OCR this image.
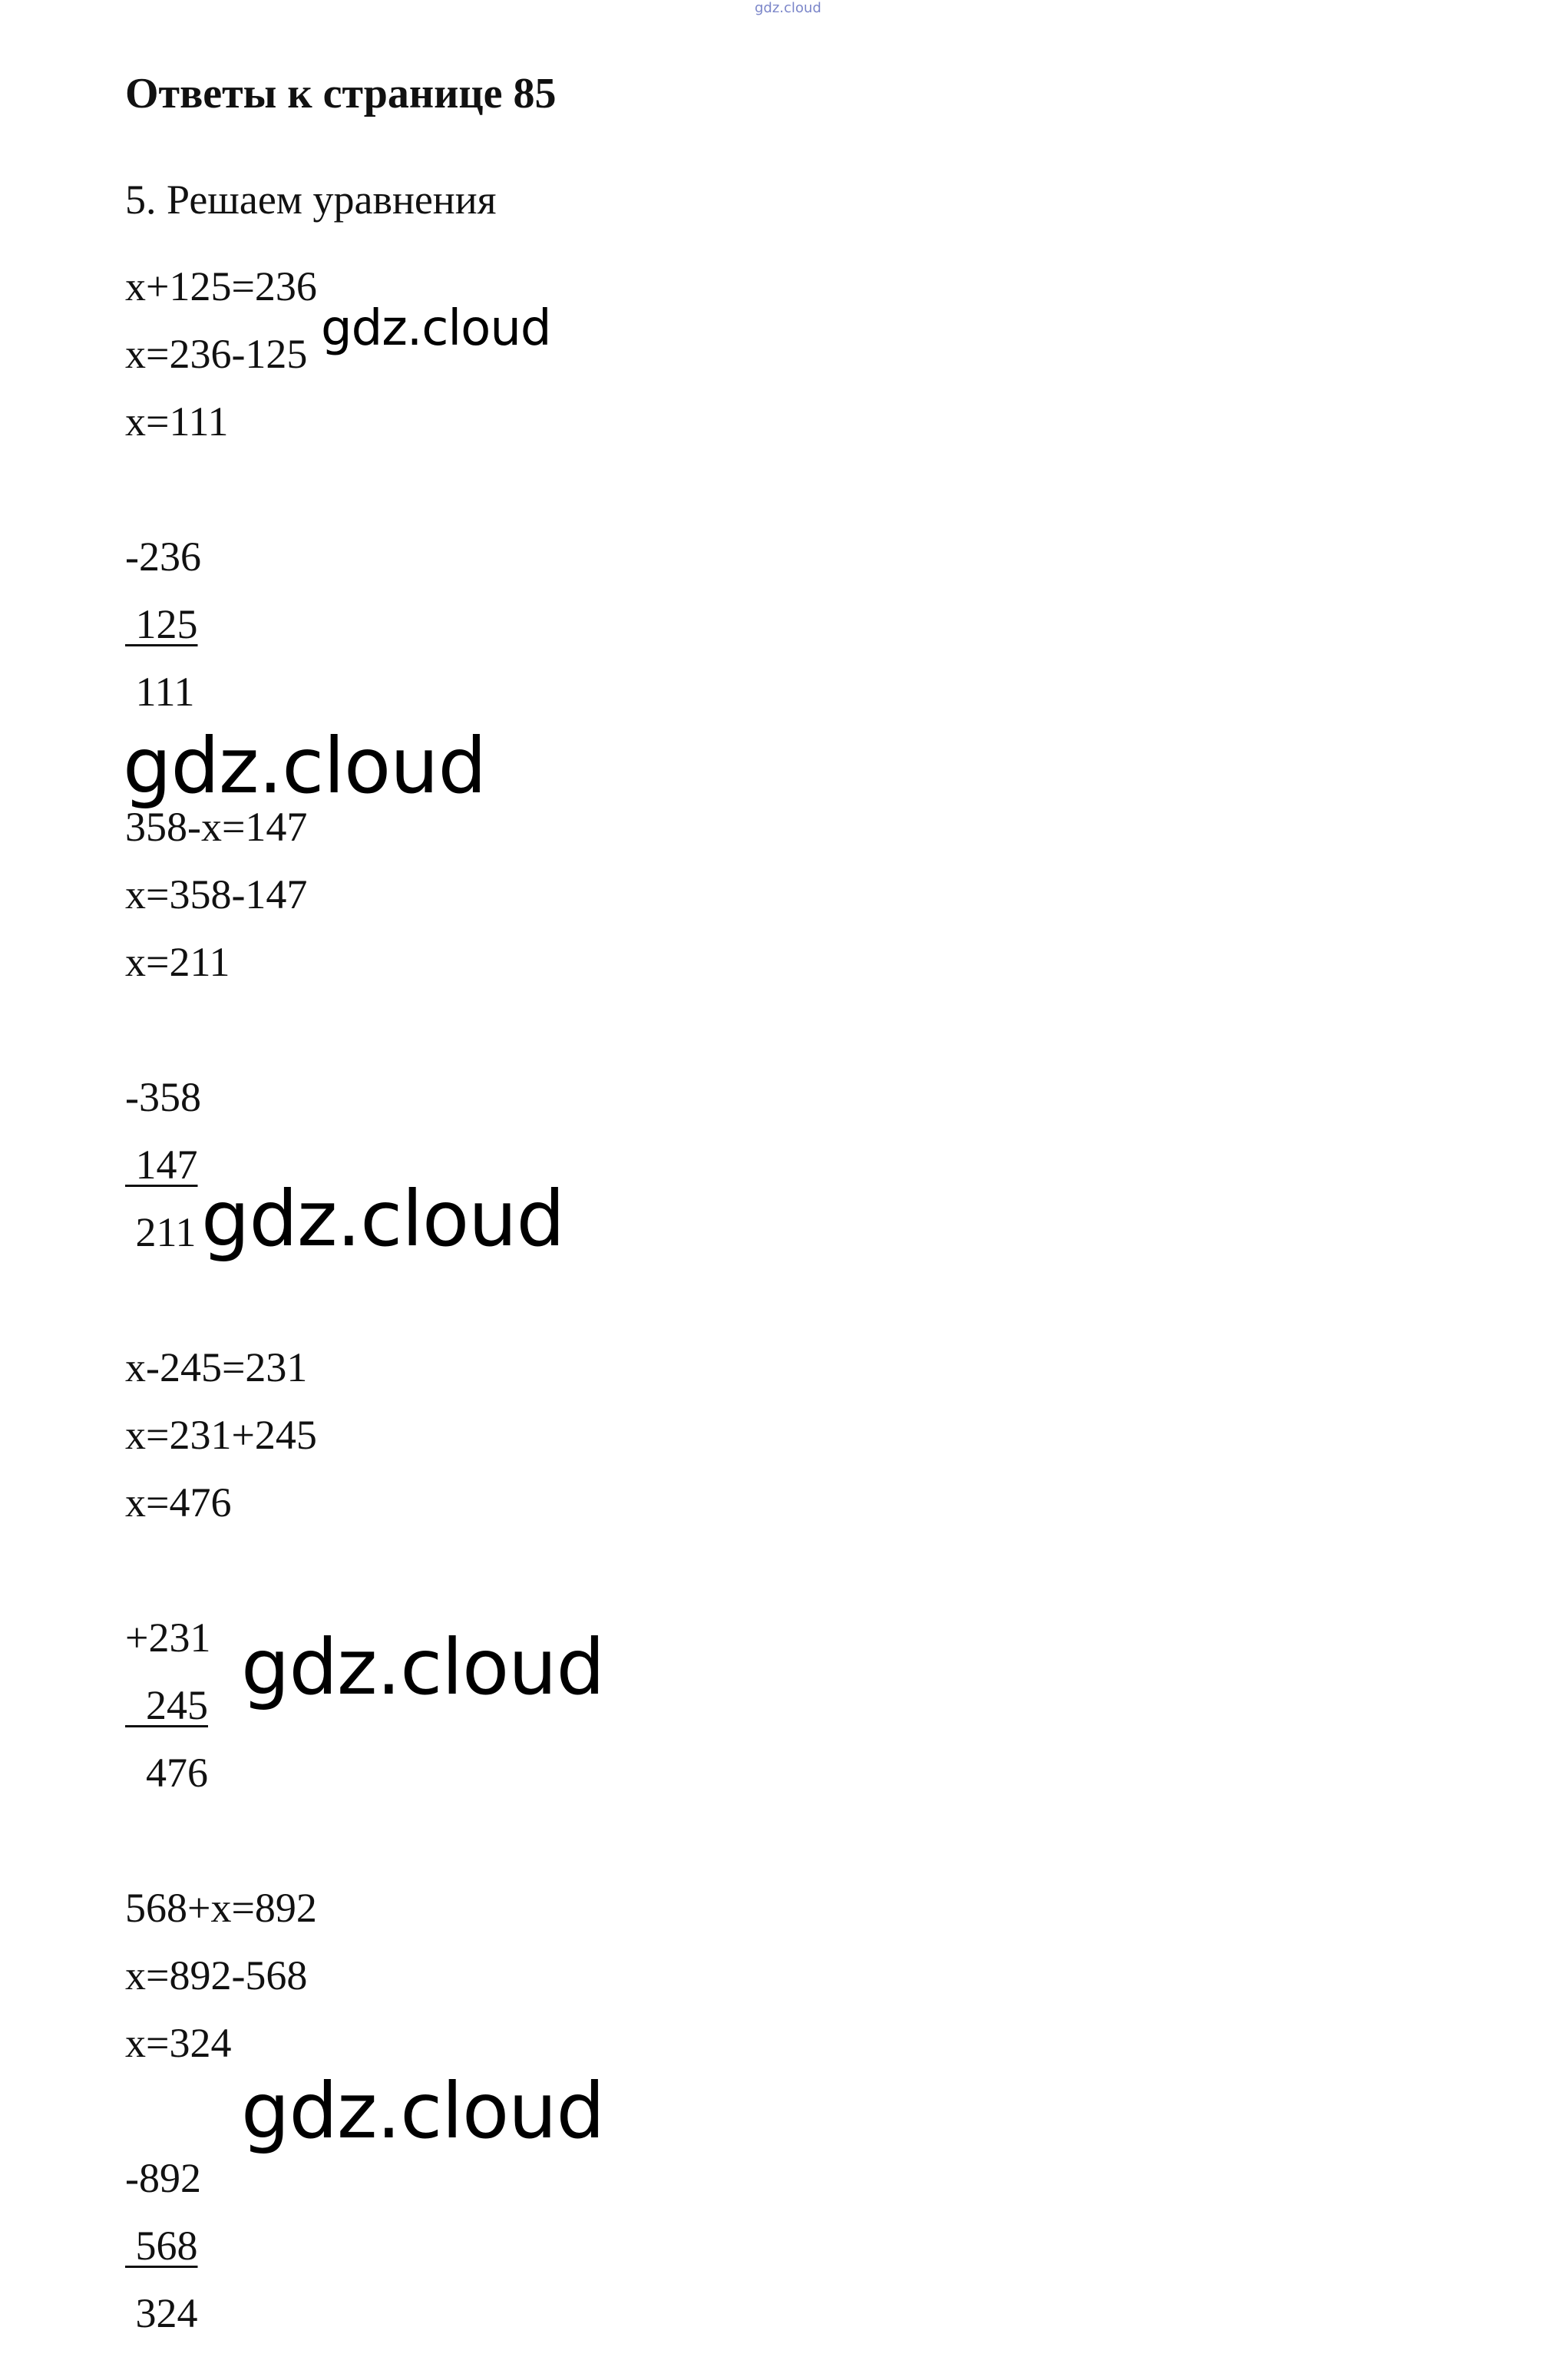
gdz.cloud
Ответы к странице 85
5. Решаем уравнения
x+125=236
x=236-125
x=111
-236
125
111
358-x=147
x=358-147
x=211
-358
147
211
x-245=231
x=231+245
x=476
+231
245
476
568+x=892
x=892-568
x=324
-892
568
324
gdz.cloud
gdz.cloud
gdz.cloud
gdz.cloud
gdz.cloud
